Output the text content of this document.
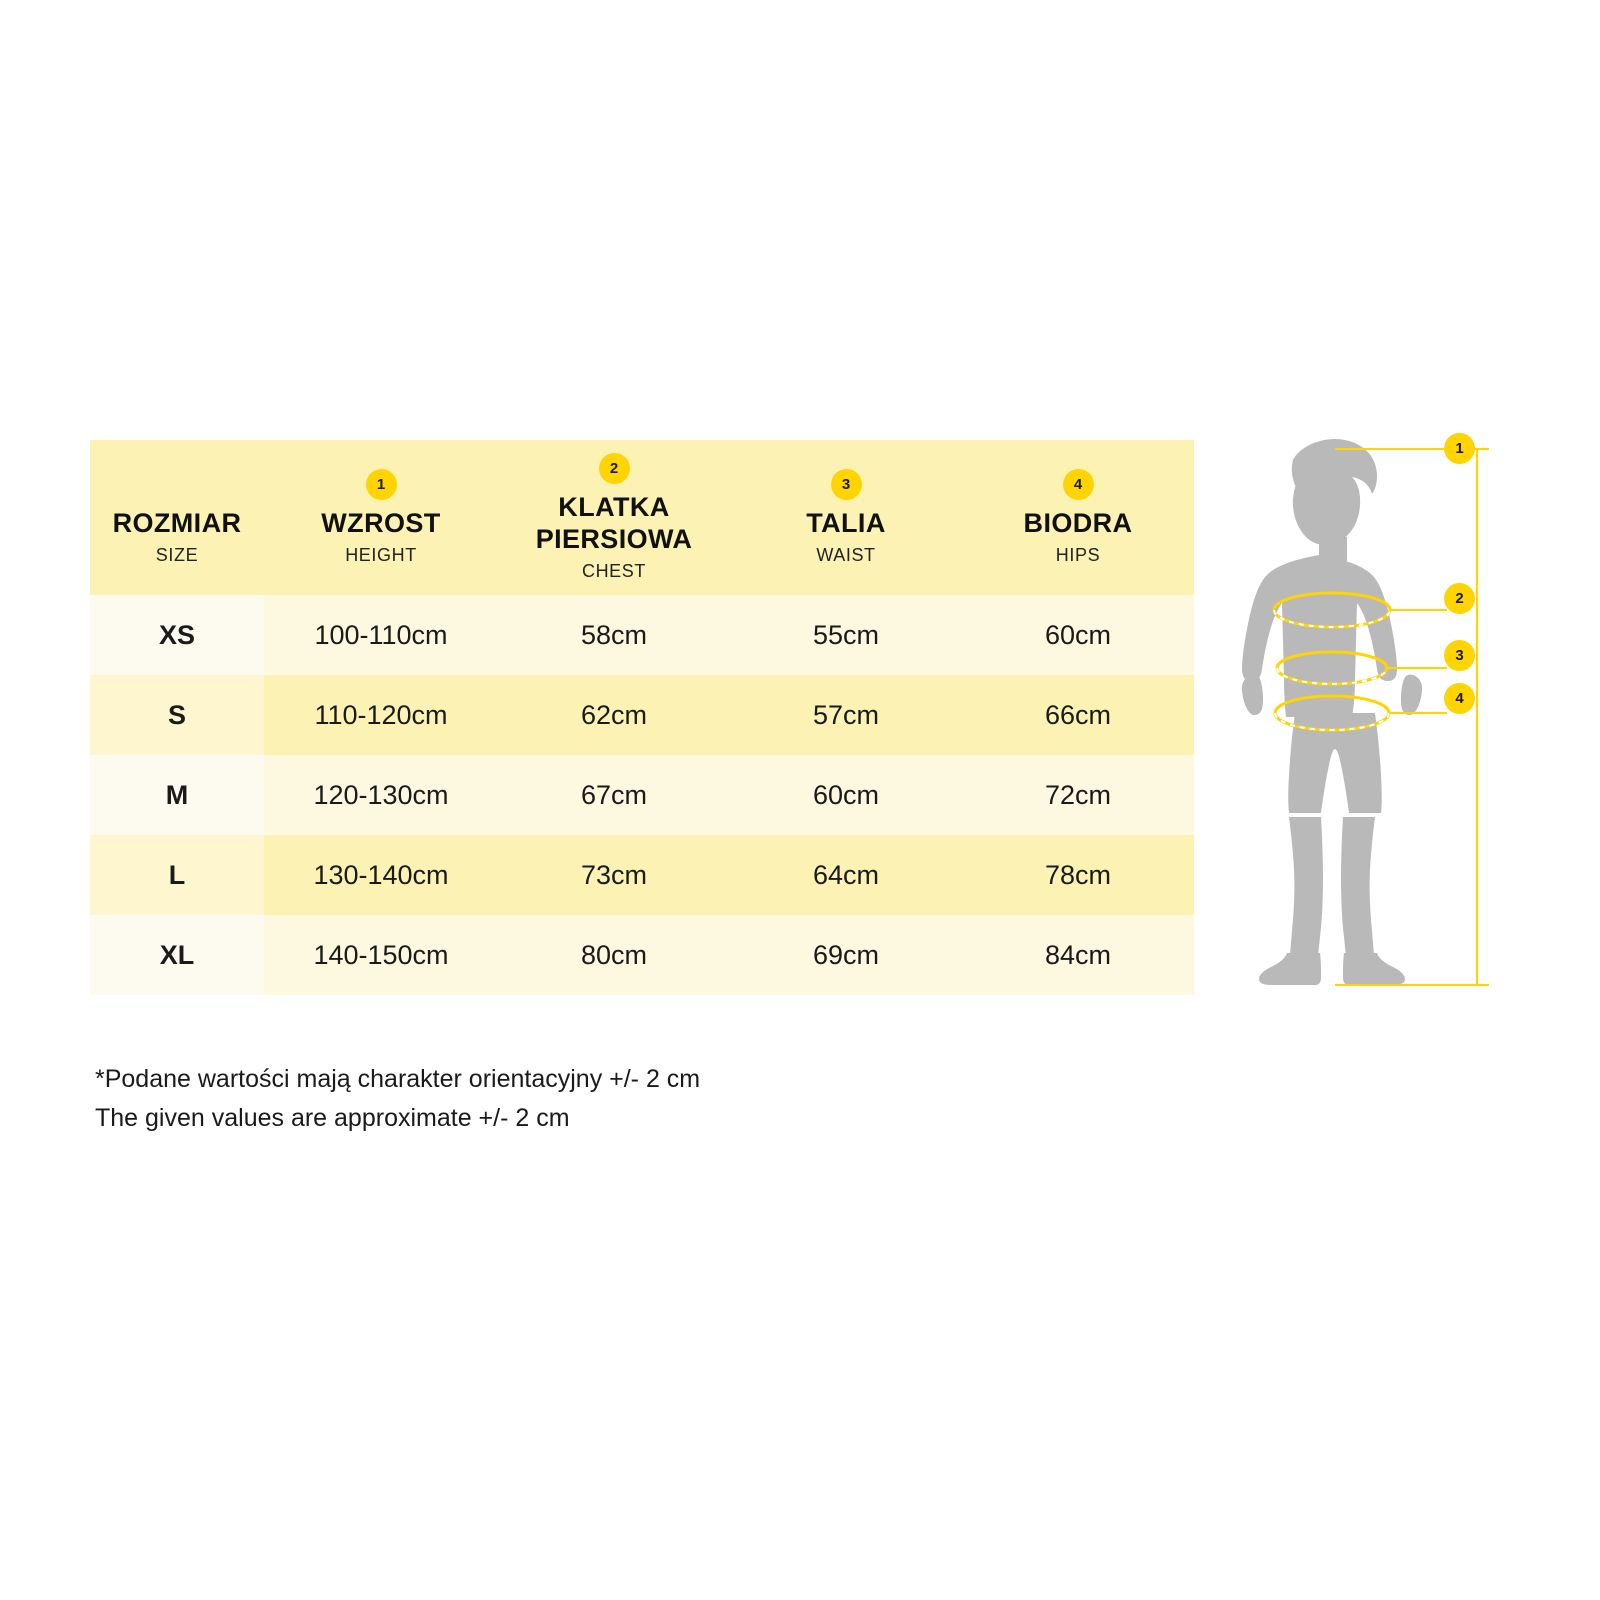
ROZMIAR
SIZE

1
WZROST
HEIGHT

2
KLATKA PIERSIOWA
CHEST

3
TALIA
WAIST

4
BIODRA
HIPS

XS	100-110cm	58cm	55cm	60cm
S	110-120cm	62cm	57cm	66cm
M	120-130cm	67cm	60cm	72cm
L	130-140cm	73cm	64cm	78cm
XL	140-150cm	80cm	69cm	84cm
*Podane wartości mają charakter orientacyjny +/- 2 cm
The given values are approximate +/- 2 cm
1
2
3
4
